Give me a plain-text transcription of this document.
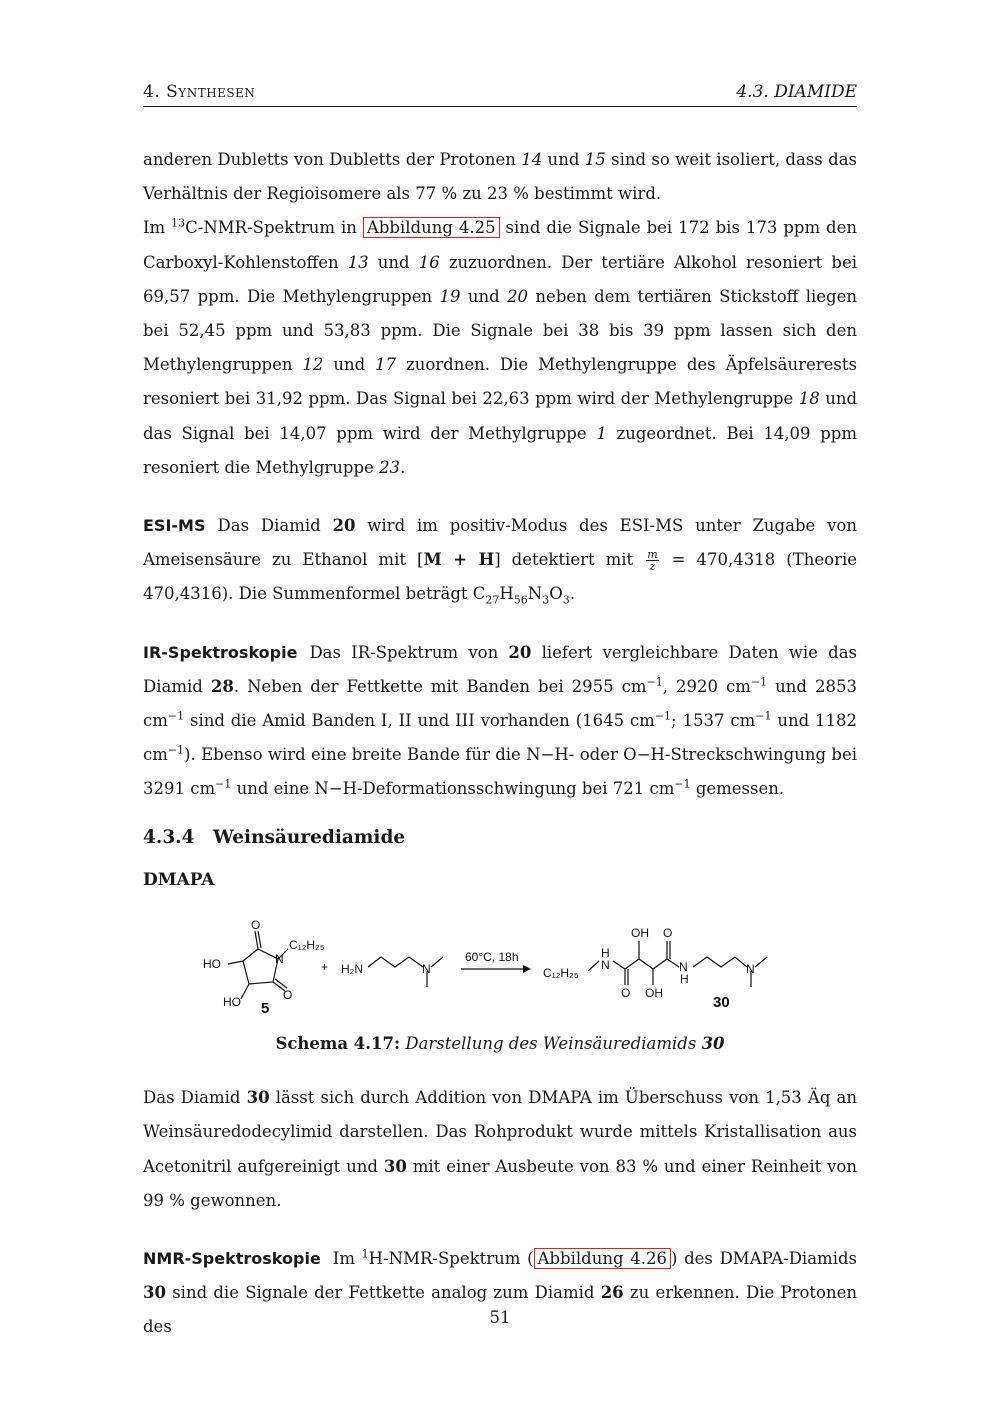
4. Synthesen	4.3. DIAMIDE

anderen Dubletts von Dubletts der Protonen 14 und 15 sind so weit isoliert, dass das Verhältnis der Regioisomere als 77 % zu 23 % bestimmt wird.

Im $^{13}$C-NMR-Spektrum in Abbildung 4.25 sind die Signale bei 172 bis 173 ppm den Carboxyl-Kohlenstoffen 13 und 16 zuzuordnen. Der tertiäre Alkohol resoniert bei 69,57 ppm. Die Methylengruppen 19 und 20 neben dem tertiären Stickstoff liegen bei 52,45 ppm und 53,83 ppm. Die Signale bei 38 bis 39 ppm lassen sich den Methylengruppen 12 und 17 zuordnen. Die Methylengruppe des Äpfelsäurerests resoniert bei 31,92 ppm. Das Signal bei 22,63 ppm wird der Methylengruppe 18 und das Signal bei 14,07 ppm wird der Methylgruppe 1 zugeordnet. Bei 14,09 ppm resoniert die Methylgruppe 23.

ESI-MS Das Diamid 20 wird im positiv-Modus des ESI-MS unter Zugabe von Ameisensäure zu Ethanol mit [M + H] detektiert mit $\frac{m}{z} = 470,4318$ (Theorie 470,4316). Die Summenformel beträgt $C_{27}H_{56}N_3O_3$.

IR-Spektroskopie Das IR-Spektrum von 20 liefert vergleichbare Daten wie das Diamid 28. Neben der Fettkette mit Banden bei 2955 $cm^{-1}$, 2920 $cm^{-1}$ und 2853 $cm^{-1}$ sind die Amid Banden I, II und III vorhanden (1645 $cm^{-1}$; 1537 $cm^{-1}$ und 1182 $cm^{-1}$). Ebenso wird eine breite Bande für die N−H- oder O−H-Streckschwingung bei 3291 $cm^{-1}$ und eine N−H-Deformationsschwingung bei 721 $cm^{-1}$ gemessen.

4.3.4 Weinsäurediamide
DMAPA
O
O
N
C₁₂H₂₅
HO
HO 5
+ H₂N	N
60°C, 18h
C₁₂H₂₅
H
N
OH O
O OH
N
H
N
30
Schema 4.17: Darstellung des Weinsäurediamids 30

Das Diamid 30 lässt sich durch Addition von DMAPA im Überschuss von 1,53 Äq an Weinsäuredodecylimid darstellen. Das Rohprodukt wurde mittels Kristallisation aus Acetonitril aufgereinigt und 30 mit einer Ausbeute von 83 % und einer Reinheit von 99 % gewonnen.

NMR-Spektroskopie Im $^1$H-NMR-Spektrum ( Abbildung 4.26 ) des DMAPA-Diamids 30 sind die Signale der Fettkette analog zum Diamid 26 zu erkennen. Die Protonen des	51
